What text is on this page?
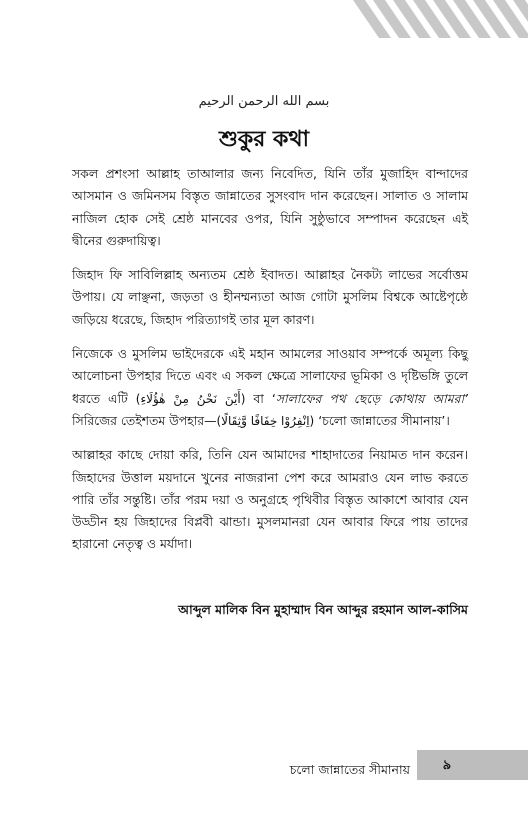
بسم الله الرحمن الرحيم
শুকুর কথা

সকল প্রশংসা আল্লাহ তাআলার জন্য নিবেদিত, যিনি তাঁর মুজাহিদ বান্দাদের আসমান ও জমিনসম বিস্তৃত জান্নাতের সুসংবাদ দান করেছেন। সালাত ও সালাম নাজিল হোক সেই শ্রেষ্ঠ মানবের ওপর, যিনি সুষ্ঠুভাবে সম্পাদন করেছেন এই দ্বীনের গুরুদায়িত্ব।

জিহাদ ফি সাবিলিল্লাহ অন্যতম শ্রেষ্ঠ ইবাদত। আল্লাহর নৈকট্য লাভের সর্বোত্তম উপায়। যে লাঞ্ছনা, জড়তা ও হীনম্মন্যতা আজ গোটা মুসলিম বিশ্বকে আষ্টেপৃষ্ঠে জড়িয়ে ধরেছে, জিহাদ পরিত্যাগই তার মূল কারণ।

নিজেকে ও মুসলিম ভাইদেরকে এই মহান আমলের সাওয়াব সম্পর্কে অমূল্য কিছু আলোচনা উপহার দিতে এবং এ সকল ক্ষেত্রে সালাফের ভূমিকা ও দৃষ্টিভঙ্গি তুলে ধরতে এটি (أَيْنَ نَحْنُ مِنْ هٰؤُلَاءِ) বা ‘সালাফের পথ ছেড়ে কোথায় আমরা’ সিরিজের তেইশতম উপহার—(اِنْفِرُوْا خِفَافًا وَّثِقَالًا) ‘চলো জান্নাতের সীমানায়’।

আল্লাহর কাছে দোয়া করি, তিনি যেন আমাদের শাহাদাতের নিয়ামত দান করেন। জিহাদের উত্তাল ময়দানে খুনের নাজরানা পেশ করে আমরাও যেন লাভ করতে পারি তাঁর সন্তুষ্টি। তাঁর পরম দয়া ও অনুগ্রহে পৃথিবীর বিস্তৃত আকাশে আবার যেন উড্ডীন হয় জিহাদের বিপ্লবী ঝান্ডা। মুসলমানরা যেন আবার ফিরে পায় তাদের হারানো নেতৃত্ব ও মর্যাদা।

আব্দুল মালিক বিন মুহাম্মাদ বিন আব্দুর রহমান আল-কাসিম
চলো জান্নাতের সীমানায়	৯
